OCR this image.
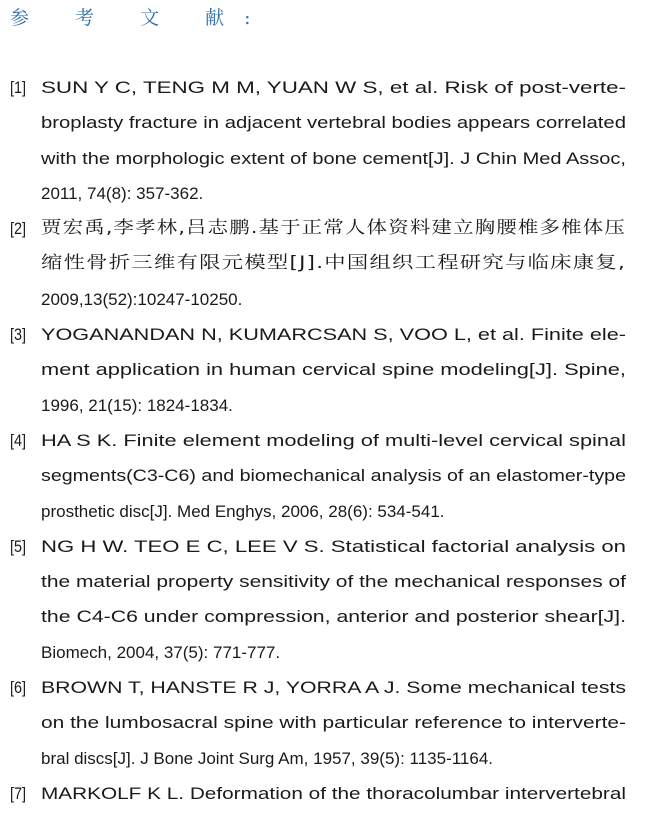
参 考 文 献:
[1] SUN Y C, TENG M M, YUAN W S, et al. Risk of post-verte-
broplasty fracture in adjacent vertebral bodies appears correlated
with the morphologic extent of bone cement[J]. J Chin Med Assoc,
2011, 74(8): 357-362.
[2] 贾宏禹,李孝林,吕志鹏.基于正常人体资料建立胸腰椎多椎体压
缩性骨折三维有限元模型[J].中国组织工程研究与临床康复,
2009,13(52):10247-10250.
[3] YOGANANDAN N, KUMARCSAN S, VOO L, et al. Finite ele-
ment application in human cervical spine modeling[J]. Spine,
1996, 21(15): 1824-1834.
[4] HA S K. Finite element modeling of multi-level cervical spinal
segments(C3-C6) and biomechanical analysis of an elastomer-type
prosthetic disc[J]. Med Enghys, 2006, 28(6): 534-541.
[5] NG H W. TEO E C, LEE V S. Statistical factorial analysis on
the material property sensitivity of the mechanical responses of
the C4-C6 under compression, anterior and posterior shear[J].
Biomech, 2004, 37(5): 771-777.
[6] BROWN T, HANSTE R J, YORRA A J. Some mechanical tests
on the lumbosacral spine with particular reference to interverte-
bral discs[J]. J Bone Joint Surg Am, 1957, 39(5): 1135-1164.
[7] MARKOLF K L. Deformation of the thoracolumbar intervertebral
